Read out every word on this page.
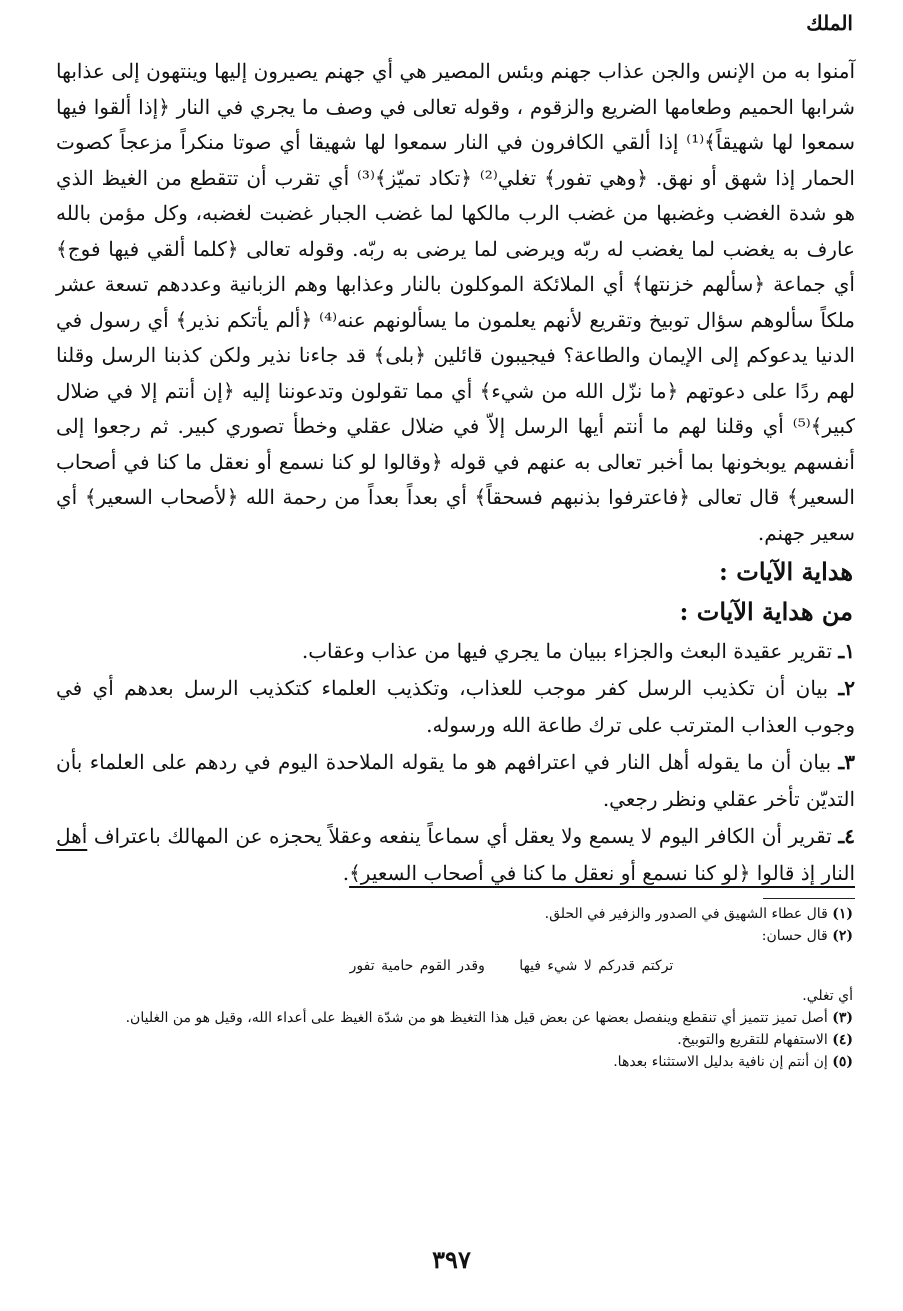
الملك

آمنوا به من الإنس والجن عذاب جهنم وبئس المصير هي أي جهنم يصيرون إليها وينتهون إلى عذابها شرابها الحميم وطعامها الضريع والزقوم ، وقوله تعالى في وصف ما يجري في النار ﴿إذا ألقوا فيها سمعوا لها شهيقاً﴾⁽¹⁾ إذا ألقي الكافرون في النار سمعوا لها شهيقا أي صوتا منكراً مزعجاً كصوت الحمار إذا شهق أو نهق. ﴿وهي تفور﴾ تغلي⁽²⁾ ﴿تكاد تميّز﴾⁽³⁾ أي تقرب أن تتقطع من الغيظ الذي هو شدة الغضب وغضبها من غضب الرب مالكها لما غضب الجبار غضبت لغضبه، وكل مؤمن بالله عارف به يغضب لما يغضب له ربّه ويرضى لما يرضى به ربّه. وقوله تعالى ﴿كلما ألقي فيها فوج﴾ أي جماعة ﴿سألهم خزنتها﴾ أي الملائكة الموكلون بالنار وعذابها وهم الزبانية وعددهم تسعة عشر ملكاً سألوهم سؤال توبيخ وتقريع لأنهم يعلمون ما يسألونهم عنه⁽⁴⁾ ﴿ألم يأتكم نذير﴾ أي رسول في الدنيا يدعوكم إلى الإيمان والطاعة؟ فيجيبون قائلين ﴿بلى﴾ قد جاءنا نذير ولكن كذبنا الرسل وقلنا لهم ردًا على دعوتهم ﴿ما نزّل الله من شيء﴾ أي مما تقولون وتدعوننا إليه ﴿إن أنتم إلا في ضلال كبير﴾⁽⁵⁾ أي وقلنا لهم ما أنتم أيها الرسل إلاّ في ضلال عقلي وخطأ تصوري كبير. ثم رجعوا إلى أنفسهم يوبخونها بما أخبر تعالى به عنهم في قوله ﴿وقالوا لو كنا نسمع أو نعقل ما كنا في أصحاب السعير﴾ قال تعالى ﴿فاعترفوا بذنبهم فسحقاً﴾ أي بعداً بعداً من رحمة الله ﴿لأصحاب السعير﴾ أي سعير جهنم.

هداية الآيات :
من هداية الآيات :
١ـ تقرير عقيدة البعث والجزاء ببيان ما يجري فيها من عذاب وعقاب.
٢ـ بيان أن تكذيب الرسل كفر موجب للعذاب، وتكذيب العلماء كتكذيب الرسل بعدهم أي في وجوب العذاب المترتب على ترك طاعة الله ورسوله.
٣ـ بيان أن ما يقوله أهل النار في اعترافهم هو ما يقوله الملاحدة اليوم في ردهم على العلماء بأن التديّن تأخر عقلي ونظر رجعي.
٤ـ تقرير أن الكافر اليوم لا يسمع ولا يعقل أي سماعاً ينفعه وعقلاً يحجزه عن المهالك باعتراف أهل النار إذ قالوا ﴿لو كنا نسمع أو نعقل ما كنا في أصحاب السعير﴾.
(١) قال عطاء الشهيق في الصدور والزفير في الحلق.
(٢) قال حسان:
تركتم قدركم لا شيء فيها وقدر القوم حامية تفور
أي تغلي.
(٣) أصل تميز تتميز أي تنقطع وينفصل بعضها عن بعض قيل هذا التغيظ هو من شدّة الغيظ على أعداء الله، وقيل هو من الغليان.
(٤) الاستفهام للتقريع والتوبيخ.
(٥) إن أنتم إن نافية بدليل الاستثناء بعدها.
٣٩٧
